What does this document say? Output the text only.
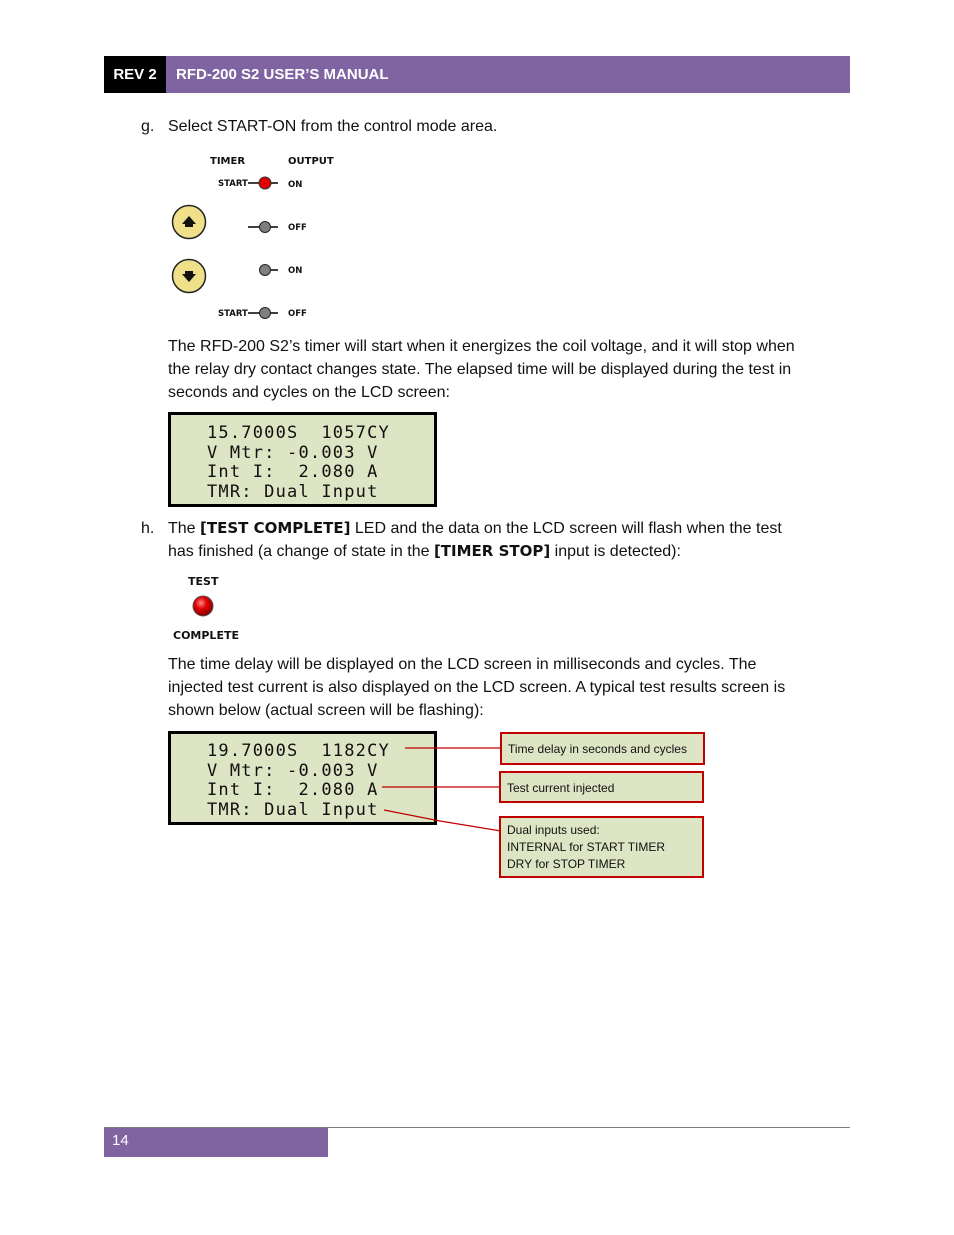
REV 2	RFD-200 S2 USER’S MANUAL
g. Select START-ON from the control mode area.
TIMER	OUTPUT
START	ON
OFF
ON
START	OFF
The RFD-200 S2’s timer will start when it energizes the coil voltage, and it will stop when
the relay dry contact changes state. The elapsed time will be displayed during the test in
seconds and cycles on the LCD screen:
15.7000S  1057CY
V Mtr: -0.003 V
Int I:  2.080 A
TMR: Dual Input
h. The [TEST COMPLETE] LED and the data on the LCD screen will flash when the test
has finished (a change of state in the [TIMER STOP] input is detected):
TEST
COMPLETE
The time delay will be displayed on the LCD screen in milliseconds and cycles. The
injected test current is also displayed on the LCD screen. A typical test results screen is
shown below (actual screen will be flashing):
19.7000S  1182CY
V Mtr: -0.003 V
Int I:  2.080 A
TMR: Dual Input
Time delay in seconds and cycles
Test current injected
Dual inputs used:
INTERNAL for START TIMER
DRY for STOP TIMER
14
